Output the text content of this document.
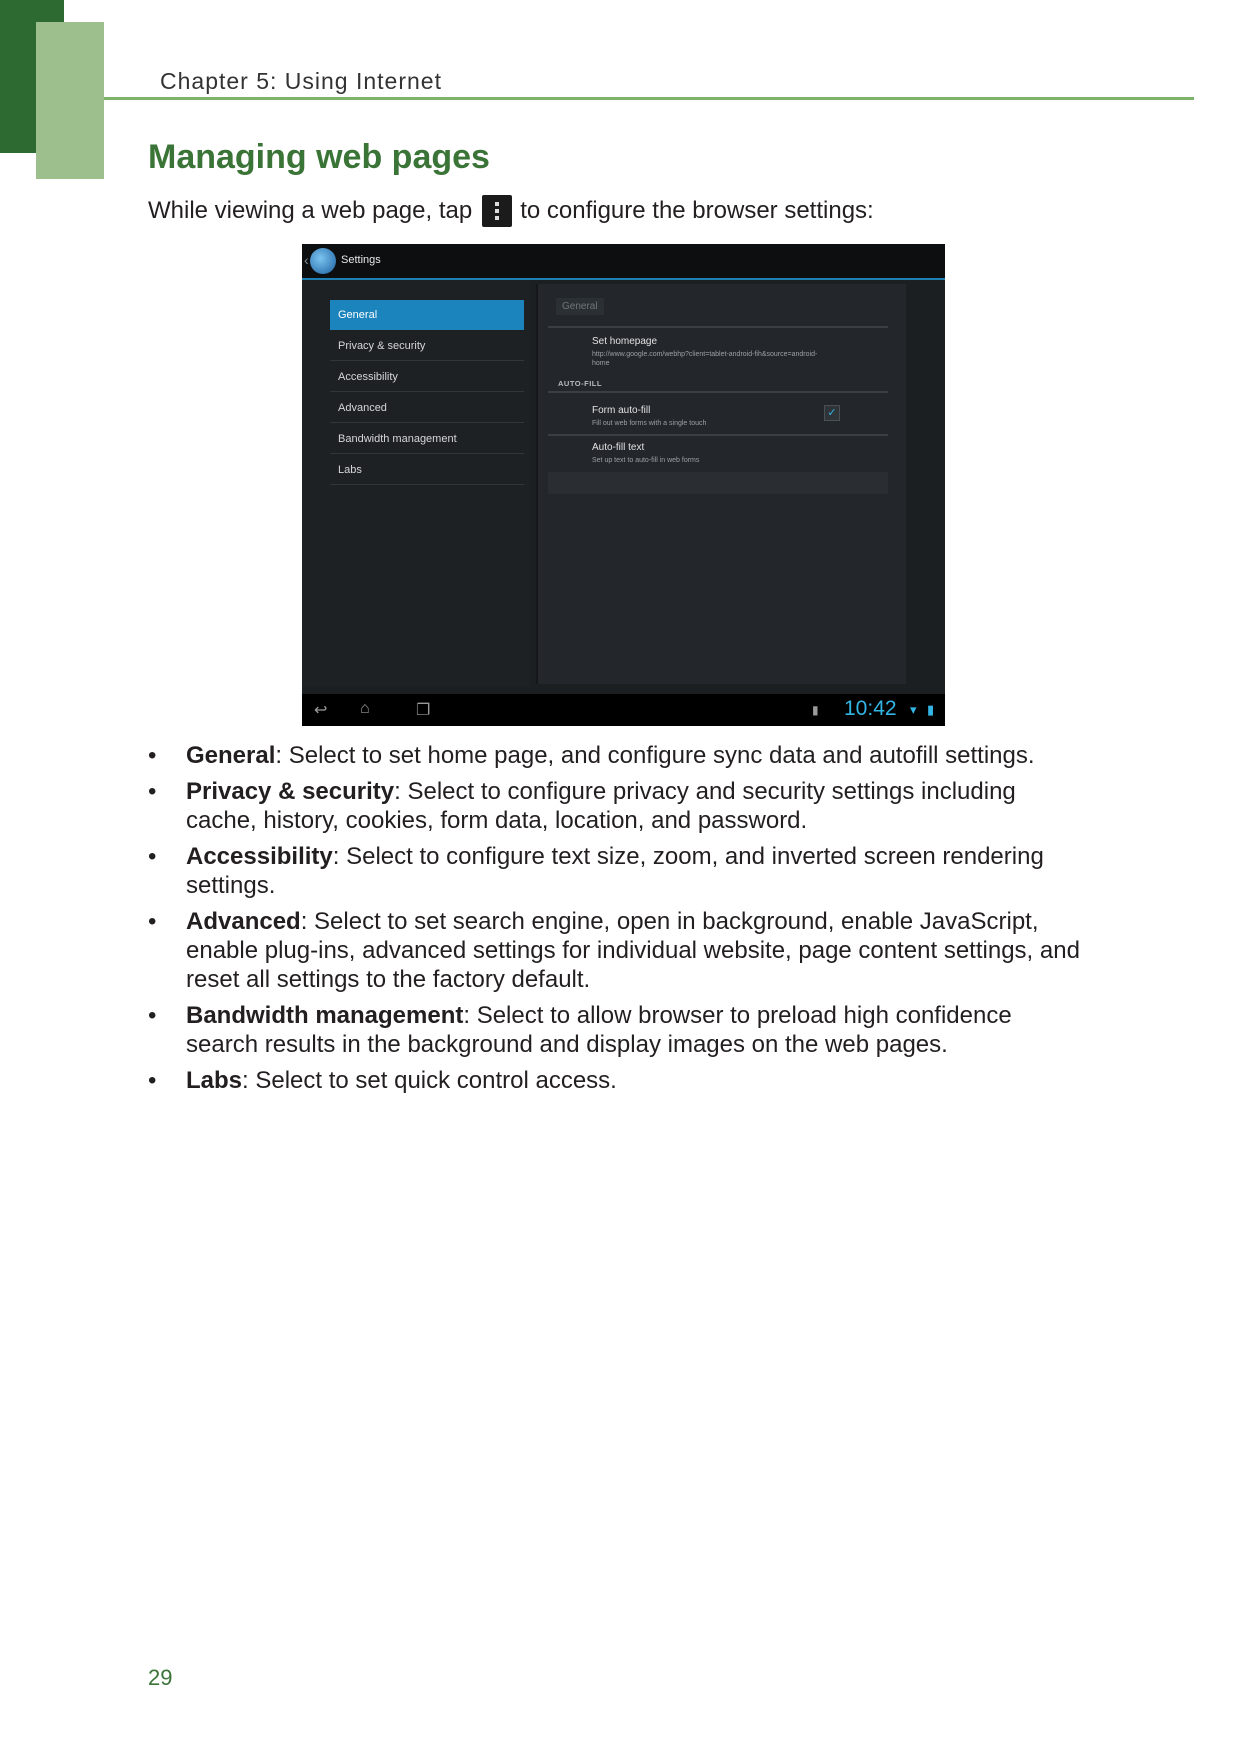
Chapter 5: Using Internet
Managing web pages
While viewing a web page, tap

to configure the browser settings:
‹	Settings
General
Privacy & security
Accessibility
Advanced
Bandwidth management
Labs
General
Set homepage
http://www.google.com/webhp?client=tablet-android-fih&source=android-home
AUTO-FILL
Form auto-fill
Fill out web forms with a single touch
✓
Auto-fill text
Set up text to auto-fill in web forms
↩ ⌂	❐	▮ 10:42 ▾ ▮
• General: Select to set home page, and configure sync data and autofill settings.
• Privacy & security: Select to configure privacy and security settings including cache, history, cookies, form data, location, and password.
• Accessibility: Select to configure text size, zoom, and inverted screen rendering settings.
• Advanced: Select to set search engine, open in background, enable JavaScript, enable plug-ins, advanced settings for individual website, page content settings, and reset all settings to the factory default.
• Bandwidth management: Select to allow browser to preload high confidence search results in the background and display images on the web pages.
• Labs: Select to set quick control access.
29
